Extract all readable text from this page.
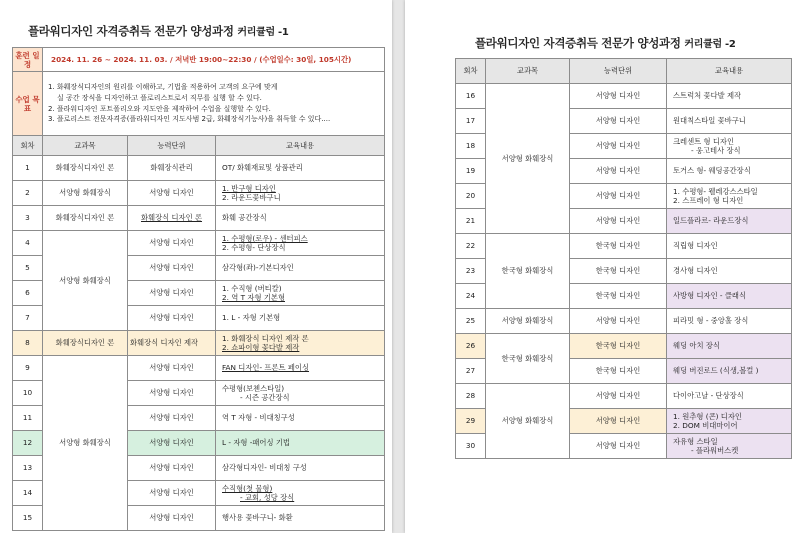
플라워디자인 자격증취득 전문가 양성과정 커리큘럼 -1
플라워디자인 자격증취득 전문가 양성과정 커리큘럼 -2
훈련 일정	2024. 11. 26 ~ 2024. 11. 03. / 저녁반 19:00~22:30 / (수업일수: 30일, 105시간)		
수업 목표	1. 화훼장식디자인의 원리를 이해하고, 기법을 적용하여 고객의 요구에 맞게
실 공간 장식을 디자인하고 플로리스트로서 직무를 실행 할 수 있다.
2. 플라워디자인 포트폴리오와 지도안을 제작하여 수업을 실행할 수 있다.
3. 플로리스트 전문자격증(플라워디자인 지도사범 2급, 화훼장식기능사)을 취득할 수 있다....		

회차	교과목	능력단위	교육내용
1	화훼장식디자인 론	화훼장식관리	OT/ 화훼재료및 상품관리

2	서양형 화훼장식	서양형 디자인	1. 반구형 디자인
2. 라운드꽃바구니

3	화훼장식디자인 론	화훼장식 디자인 론	화훼 공간장식

4	서양형 화훼장식	서양형 디자인	1. 수평형(로우) - 센터피스
2. 수평형- 단상장식

5		서양형 디자인	삼각형(좌)-기본디자인

6		서양형 디자인	1. 수직형 (버티칼)
2. 역 T 자형 기본형

7		서양형 디자인	1. L - 자형 기본형

8	화훼장식디자인 론	화훼장식 디자인 제작	1. 화훼장식 디자인 제작 론
2. 쇼파이형 꽃다발 제작

9	서양형 화훼장식	서양형 디자인	FAN 디자인- 프론트 페이싱

10		서양형 디자인	수평형(보첸스타일)
- 시즌 공간장식

11		서양형 디자인	역 T 자형 - 비대칭구성

12		서양형 디자인	L - 자형 -패어싱 기법

13		서양형 디자인	삼각형디자인- 비대칭 구성

14		서양형 디자인	수직형(첫 물형)
- 교회, 성당 장식

15		서양형 디자인	행사용 꽃바구니- 화환
회차	교과목	능력단위	교육내용
16	서양형 화훼장식	서양형 디자인	스트럭처 꽃다발 제작

17		서양형 디자인	원대칙스타일 꽃바구니

18		서양형 디자인	크레센트 형 디자인
- 웅고테사 장식

19		서양형 디자인	토거스 형- 웨딩공간장식

20		서양형 디자인	1. 수평형- 웰레강스스타일
2. 스프레이 형 디자인

21		서양형 디자인	일드플라르- 라운드장식

22	한국형 화훼장식	한국형 디자인	직립형 디자인

23		한국형 디자인	경사형 디자인

24		한국형 디자인	사방형 디자인 - 클래식

25	서양형 화훼장식	서양형 디자인	피라밋 형 - 중앙홀 장식

26	한국형 화훼장식	한국형 디자인	웨딩 아치 장식

27		한국형 디자인	웨딩 버진로드 (식생,볼컬 )

28	서양형 화훼장식	서양형 디자인	다이아고날 - 단상장식

29		서양형 디자인	1. 원추형 (콘) 디자인
2. DOM 비대마이어

30		서양형 디자인	자유형 스타일
- 플라워버스켓
